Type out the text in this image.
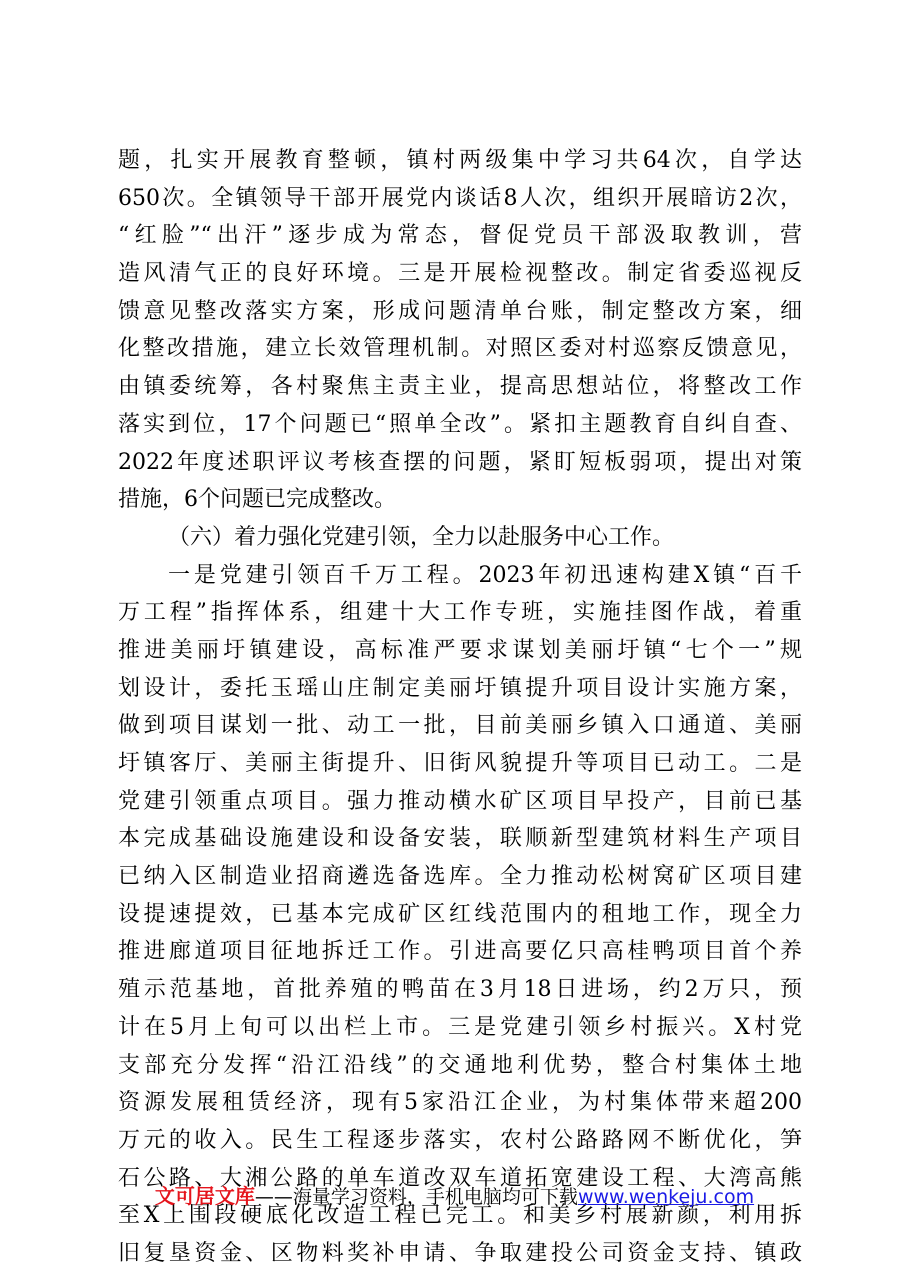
题，扎实开展教育整顿，镇村两级集中学习共64次，自学达
650次。全镇领导干部开展党内谈话8人次，组织开展暗访2次，
“红脸”“出汗”逐步成为常态，督促党员干部汲取教训，营
造风清气正的良好环境。三是开展检视整改。制定省委巡视反
馈意见整改落实方案，形成问题清单台账，制定整改方案，细
化整改措施，建立长效管理机制。对照区委对村巡察反馈意见，
由镇委统筹，各村聚焦主责主业，提高思想站位，将整改工作
落实到位，17个问题已“照单全改”。紧扣主题教育自纠自查、
2022年度述职评议考核查摆的问题，紧盯短板弱项，提出对策
措施，6个问题已完成整改。
（六）着力强化党建引领，全力以赴服务中心工作。
一是党建引领百千万工程。2023年初迅速构建X镇“百千
万工程”指挥体系，组建十大工作专班，实施挂图作战，着重
推进美丽圩镇建设，高标准严要求谋划美丽圩镇“七个一”规
划设计，委托玉瑶山庄制定美丽圩镇提升项目设计实施方案，
做到项目谋划一批、动工一批，目前美丽乡镇入口通道、美丽
圩镇客厅、美丽主街提升、旧街风貌提升等项目已动工。二是
党建引领重点项目。强力推动横水矿区项目早投产，目前已基
本完成基础设施建设和设备安装，联顺新型建筑材料生产项目
已纳入区制造业招商遴选备选库。全力推动松树窝矿区项目建
设提速提效，已基本完成矿区红线范围内的租地工作，现全力
推进廊道项目征地拆迁工作。引进高要亿只高桂鸭项目首个养
殖示范基地，首批养殖的鸭苗在3月18日进场，约2万只，预
计在5月上旬可以出栏上市。三是党建引领乡村振兴。X村党
支部充分发挥“沿江沿线”的交通地利优势，整合村集体土地
资源发展租赁经济，现有5家沿江企业，为村集体带来超200
万元的收入。民生工程逐步落实，农村公路路网不断优化，笋
石公路、大湘公路的单车道改双车道拓宽建设工程、大湾高熊
至X上围段硬底化改造工程已完工。和美乡村展新颜，利用拆
旧复垦资金、区物料奖补申请、争取建投公司资金支持、镇政
文可居文库——海量学习资料，手机电脑均可下载www.wenkeju.com
